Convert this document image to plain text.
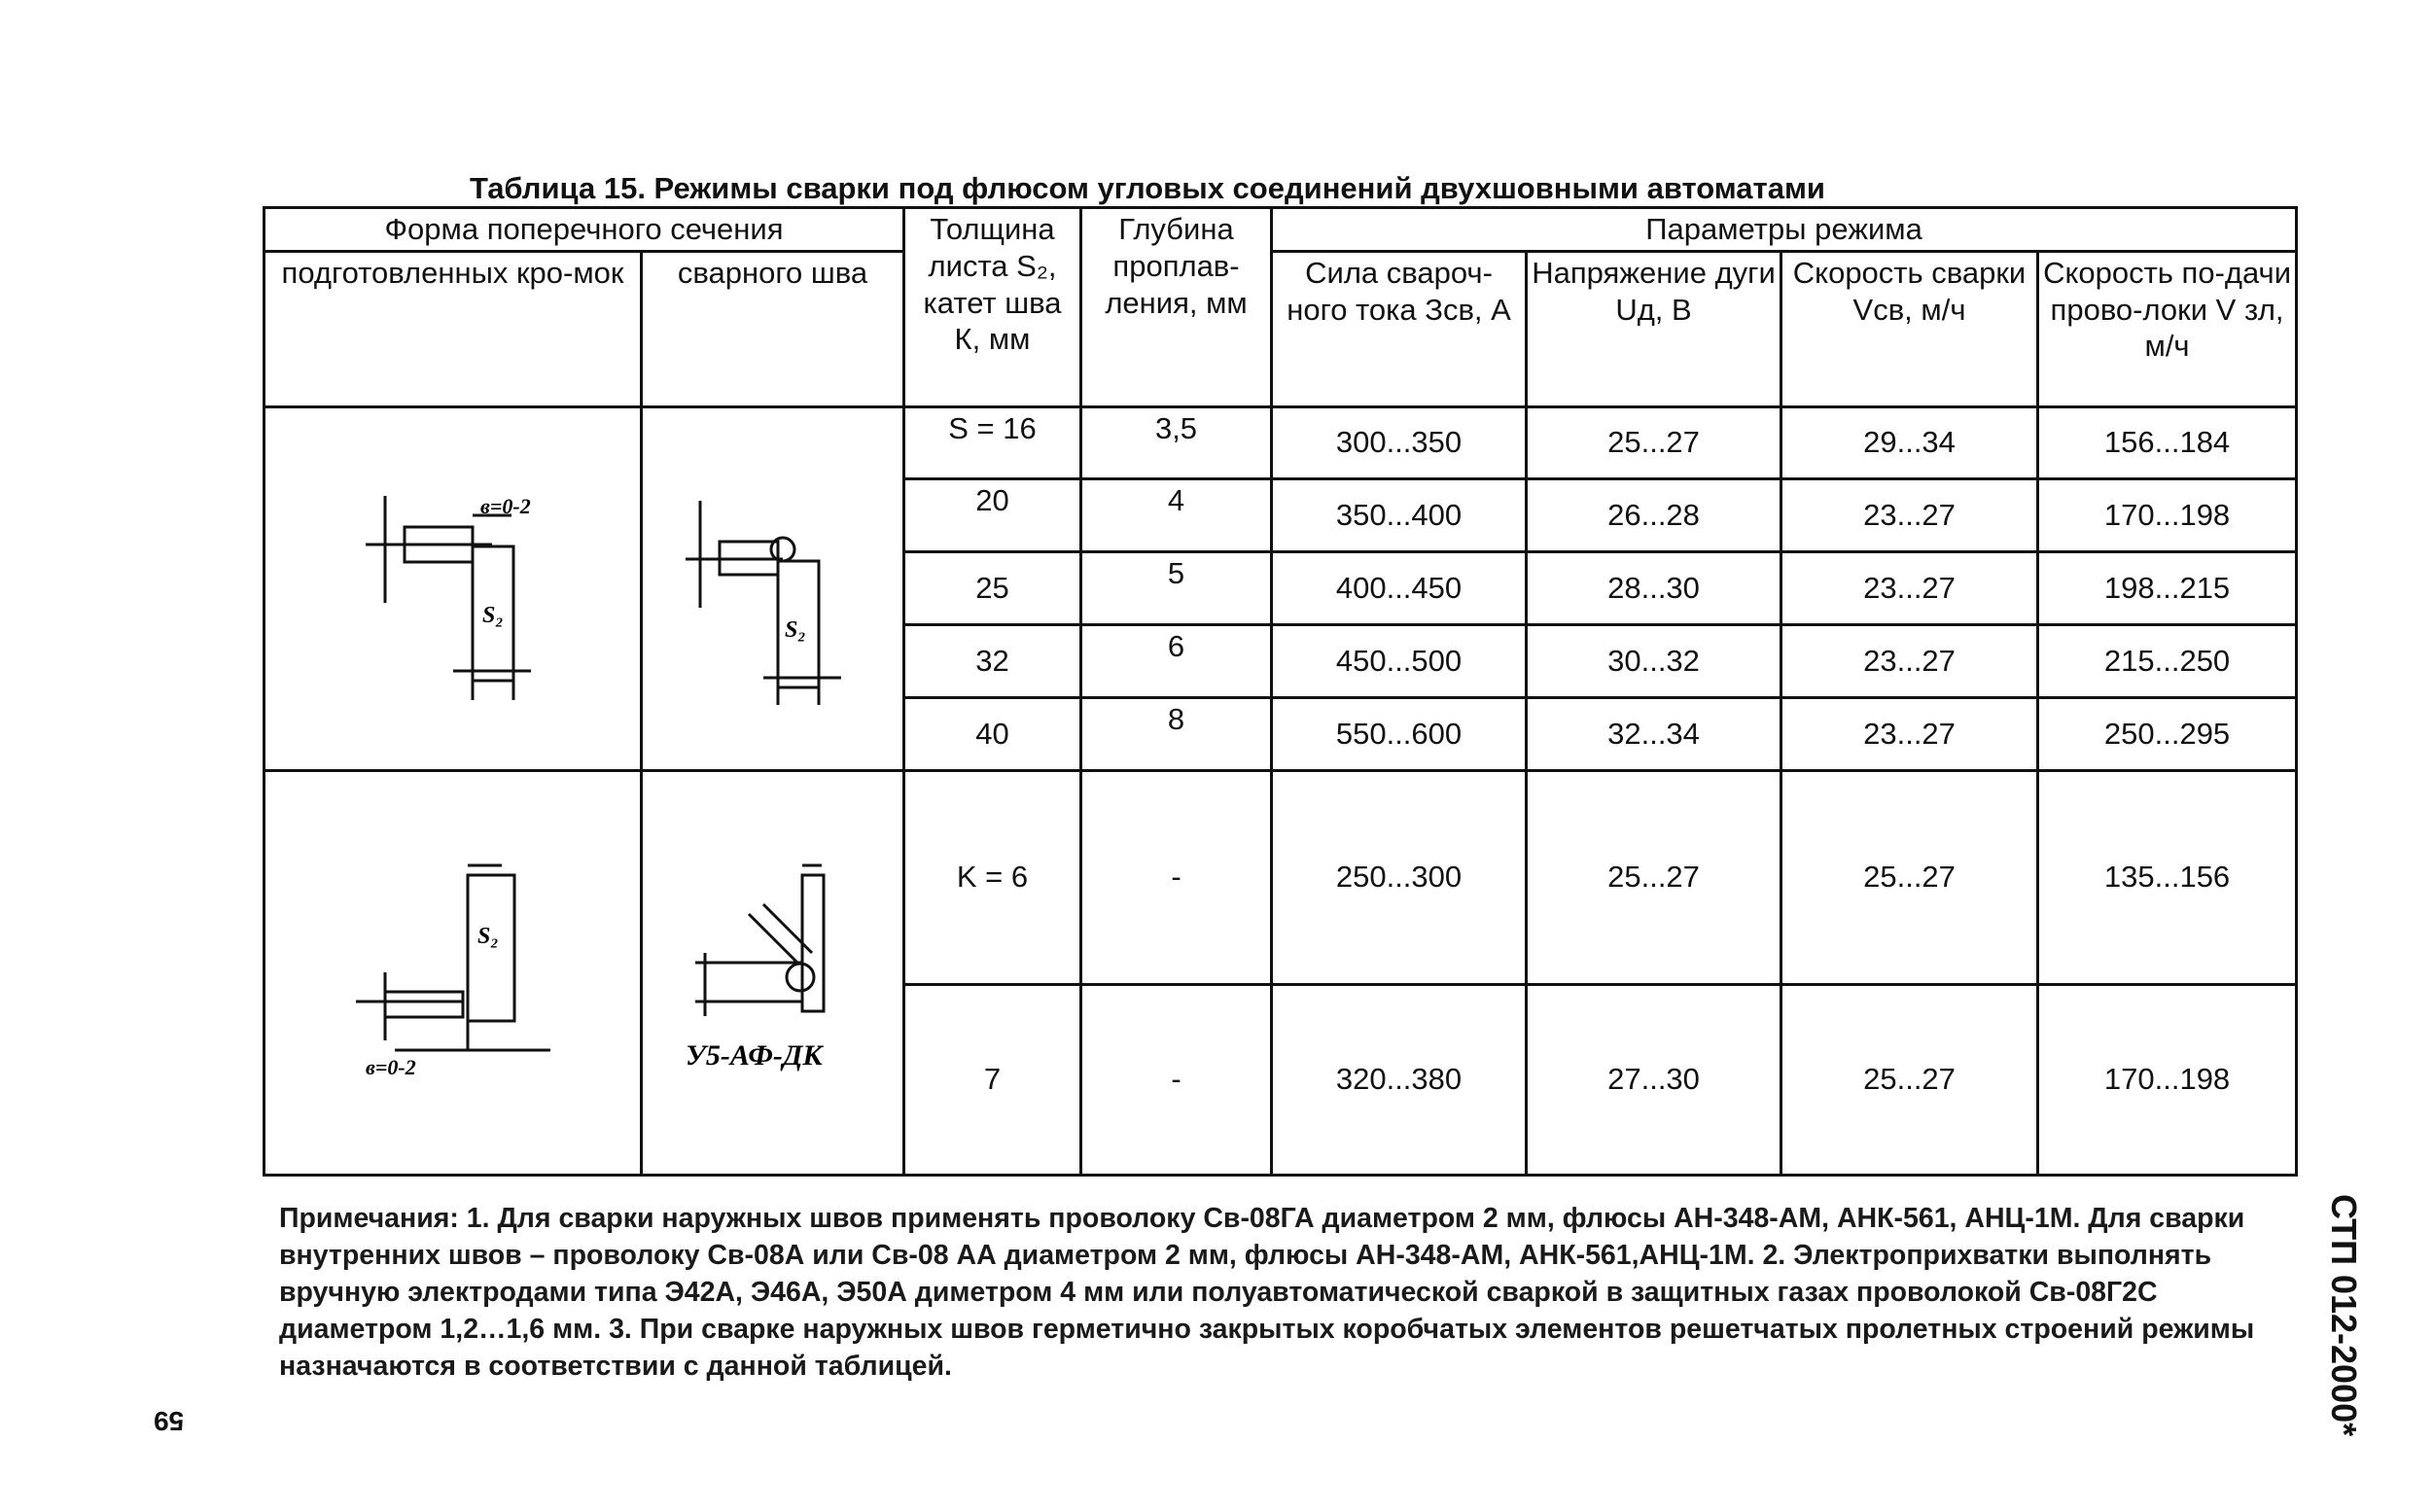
Таблица 15. Режимы сварки под флюсом угловых соединений двухшовными автоматами
Форма поперечного сечения		Толщина листа S₂, катет шва К, мм	Глубина проплав-ления, мм	Параметры режима			
подготовленных кро-мок	сварного шва			Сила свароч-ного тока Зсв, А	Напряжение дуги Uд, В	Скорость сварки Vсв, м/ч	Скорость по-дачи прово-локи V зл, м/ч

в=0-2
S₂	S₂	S = 16	3,5	300...350	25...27	29...34	156...184
		20	4	350...400	26...28	23...27	170...198
		25	5	400...450	28...30	23...27	198...215
		32	6	450...500	30...32	23...27	215...250
		40	8	550...600	32...34	23...27	250...295

S₂
в=0-2	У5-АФ-ДК	K = 6	-	250...300	25...27	25...27	135...156
		7	-	320...380	27...30	25...27	170...198
Примечания: 1. Для сварки наружных швов применять проволоку Св-08ГА диаметром 2 мм, флюсы АН-348-АМ, АНК-561, АНЦ-1М. Для сварки внутренних швов – проволоку Св-08А или Св-08 АА диаметром 2 мм, флюсы АН-348-АМ, АНК-561,АНЦ-1М. 2. Электроприхватки выполнять вручную электродами типа Э42А, Э46А, Э50А диметром 4 мм или полуавтоматической сваркой в защитных газах проволокой Св-08Г2С диаметром 1,2…1,6 мм. 3. При сварке наружных швов герметично закрытых коробчатых элементов решетчатых пролетных строений режимы назначаются в соответствии с данной таблицей.	СТП 012-2000*
59
